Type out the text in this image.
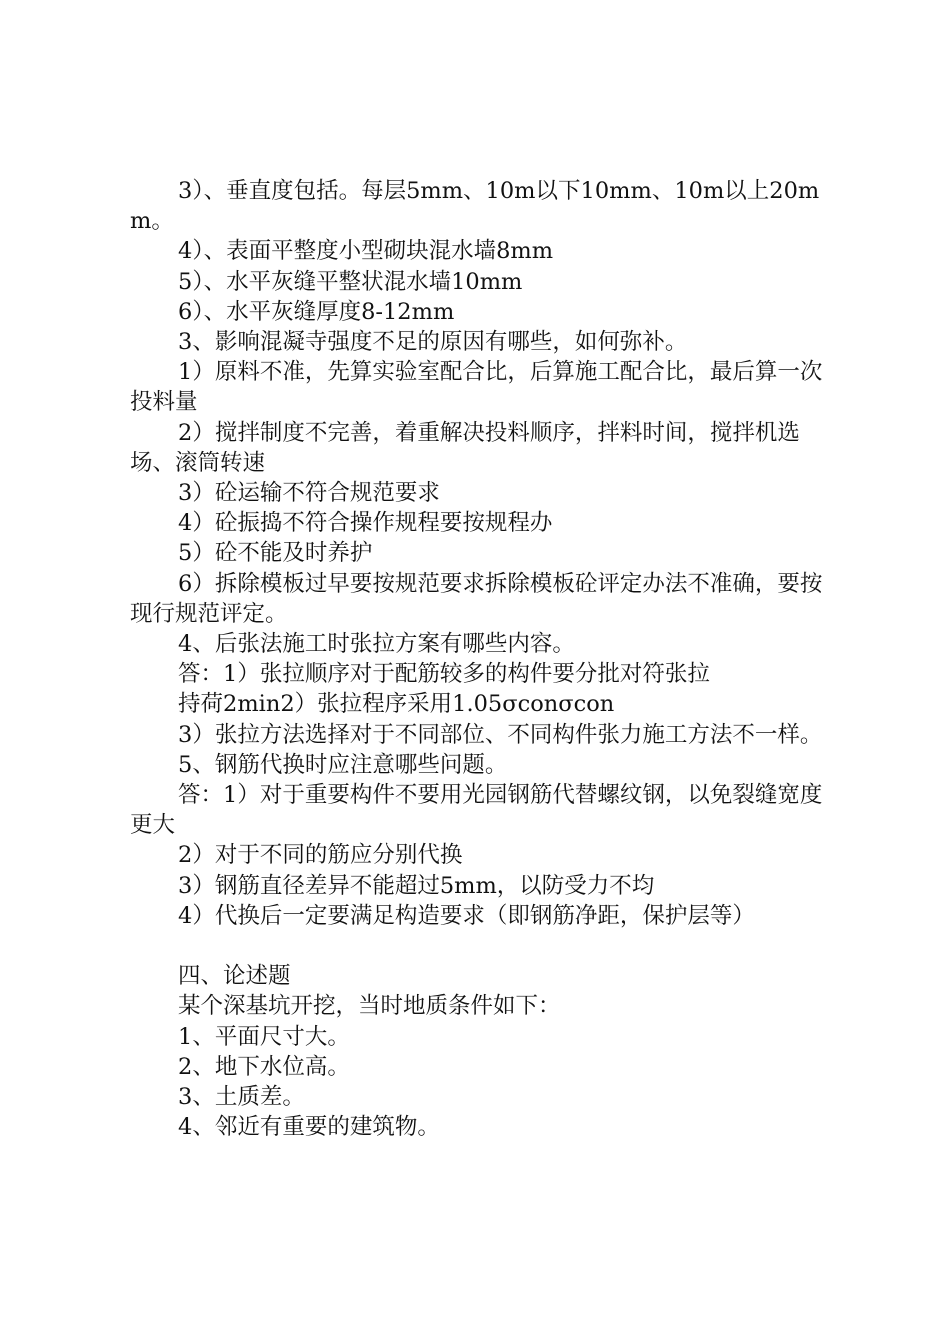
3）、垂直度包括。每层5mm、10m以下10mm、10m以上20mm。

4）、表面平整度小型砌块混水墙8mm

5）、水平灰缝平整状混水墙10mm

6）、水平灰缝厚度8-12mm

3、影响混凝寺强度不足的原因有哪些，如何弥补。

1）原料不准，先算实验室配合比，后算施工配合比，最后算一次投料量

2）搅拌制度不完善，着重解决投料顺序，拌料时间，搅拌机选场、滚筒转速

3）砼运输不符合规范要求

4）砼振捣不符合操作规程要按规程办

5）砼不能及时养护

6）拆除模板过早要按规范要求拆除模板砼评定办法不准确，要按现行规范评定。

4、后张法施工时张拉方案有哪些内容。

答：1）张拉顺序对于配筋较多的构件要分批对符张拉

持荷2min2）张拉程序采用1.05σconσcon

3）张拉方法选择对于不同部位、不同构件张力施工方法不一样。

5、钢筋代换时应注意哪些问题。

答：1）对于重要构件不要用光园钢筋代替螺纹钢，以免裂缝宽度更大

2）对于不同的筋应分别代换

3）钢筋直径差异不能超过5mm，以防受力不均

4）代换后一定要满足构造要求（即钢筋净距，保护层等）

四、论述题

某个深基坑开挖，当时地质条件如下：

1、平面尺寸大。

2、地下水位高。

3、土质差。

4、邻近有重要的建筑物。
